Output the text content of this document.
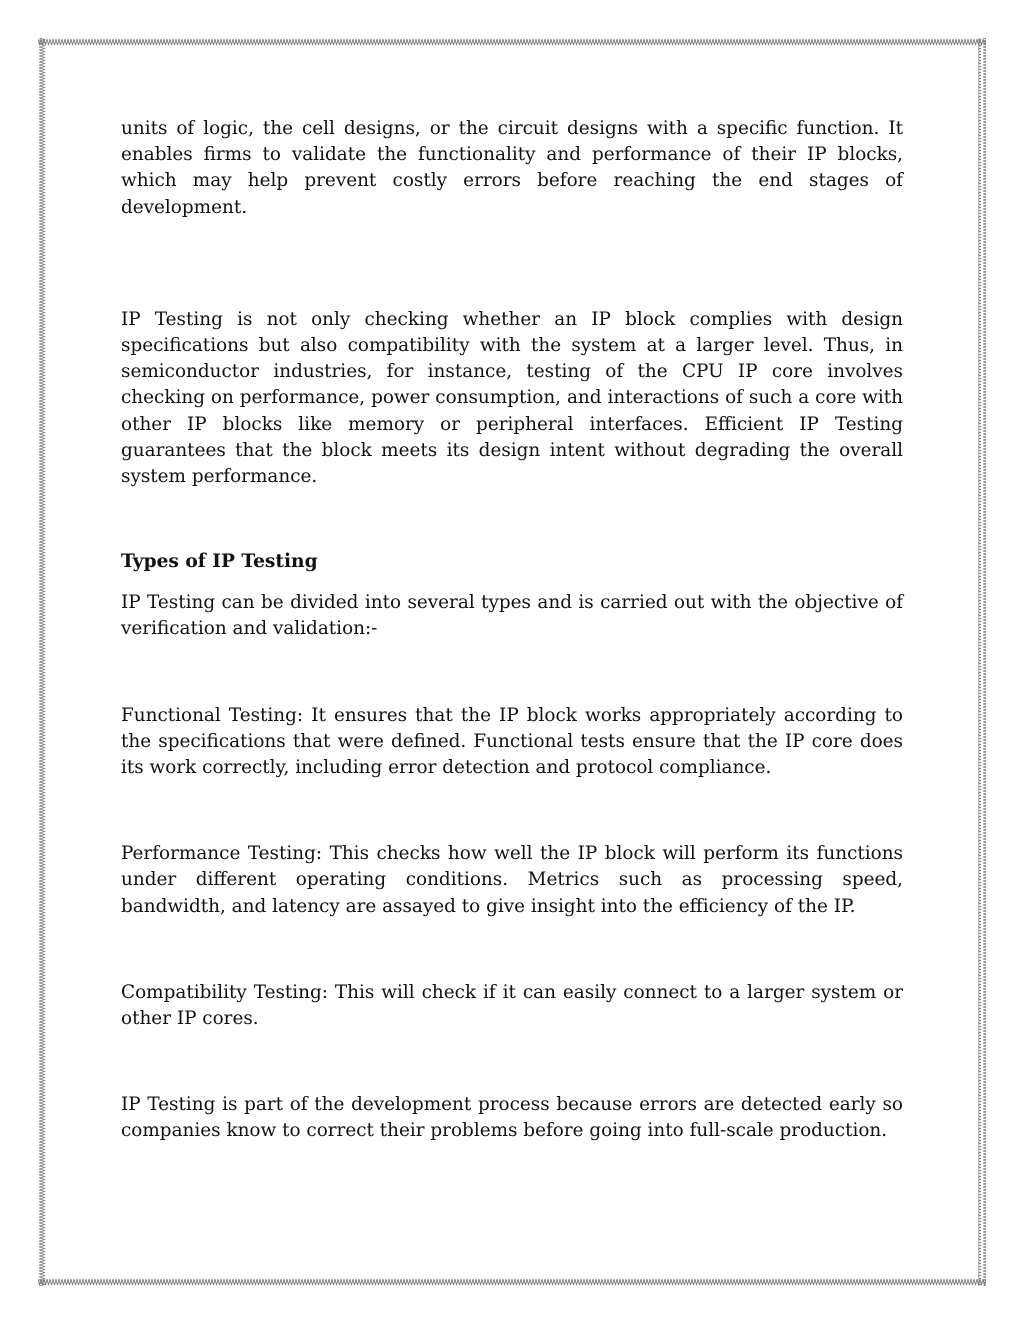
units of logic, the cell designs, or the circuit designs with a specific function. It enables firms to validate the functionality and performance of their IP blocks, which may help prevent costly errors before reaching the end stages of development.

IP Testing is not only checking whether an IP block complies with design specifications but also compatibility with the system at a larger level. Thus, in semiconductor industries, for instance, testing of the CPU IP core involves checking on performance, power consumption, and interactions of such a core with other IP blocks like memory or peripheral interfaces. Efficient IP Testing guarantees that the block meets its design intent without degrading the overall system performance.

Types of IP Testing

IP Testing can be divided into several types and is carried out with the objective of verification and validation:-

Functional Testing: It ensures that the IP block works appropriately according to the specifications that were defined. Functional tests ensure that the IP core does its work correctly, including error detection and protocol compliance.

Performance Testing: This checks how well the IP block will perform its functions under different operating conditions. Metrics such as processing speed, bandwidth, and latency are assayed to give insight into the efficiency of the IP.

Compatibility Testing: This will check if it can easily connect to a larger system or other IP cores.

IP Testing is part of the development process because errors are detected early so companies know to correct their problems before going into full-scale production.
